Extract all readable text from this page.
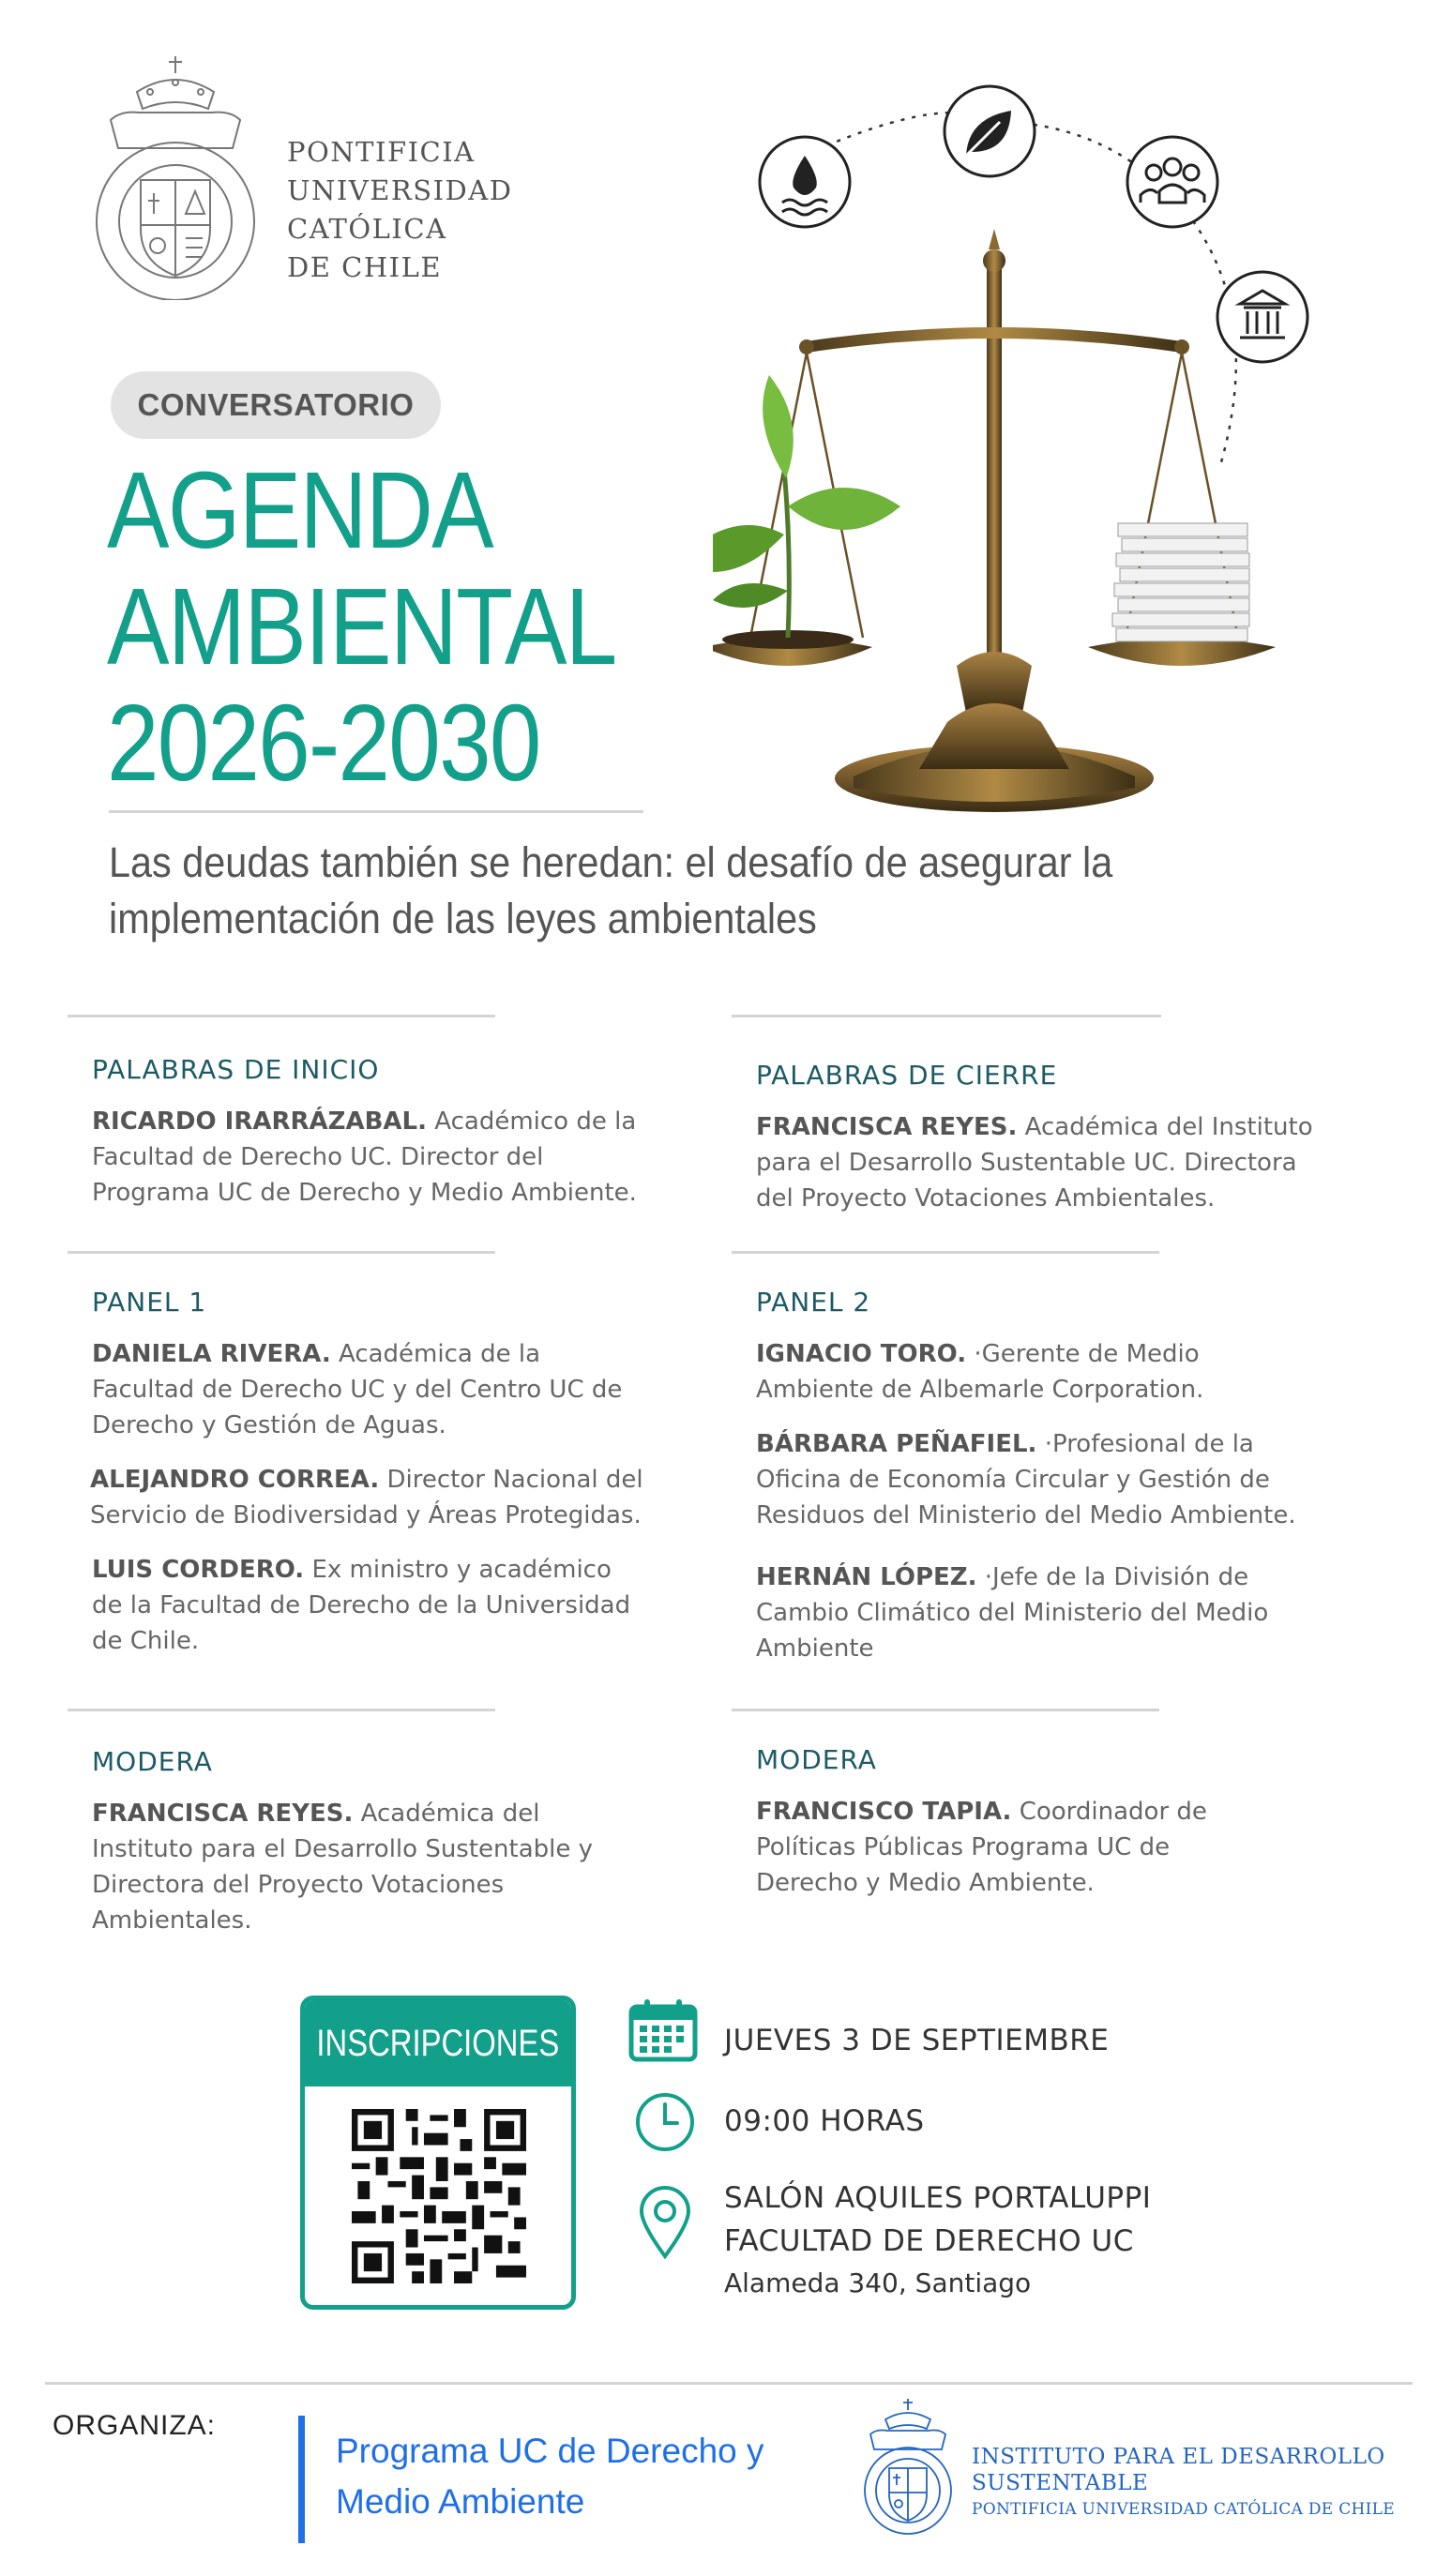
PONTIFICIA
UNIVERSIDAD
CATÓLICA
DE CHILE
CONVERSATORIO
AGENDA
AMBIENTAL
2026-2030
Las deudas también se heredan: el desafío de asegurar la
implementación de las leyes ambientales
PALABRAS DE INICIO
RICARDO IRARRÁZABAL. Académico de la
Facultad de Derecho UC. Director del
Programa UC de Derecho y Medio Ambiente.
PANEL 1
DANIELA RIVERA. Académica de la
Facultad de Derecho UC y del Centro UC de
Derecho y Gestión de Aguas.
ALEJANDRO CORREA. Director Nacional del
Servicio de Biodiversidad y Áreas Protegidas.
LUIS CORDERO. Ex ministro y académico
de la Facultad de Derecho de la Universidad
de Chile.
MODERA
FRANCISCA REYES. Académica del
Instituto para el Desarrollo Sustentable y
Directora del Proyecto Votaciones
Ambientales.
PALABRAS DE CIERRE
FRANCISCA REYES. Académica del Instituto
para el Desarrollo Sustentable UC. Directora
del Proyecto Votaciones Ambientales.
PANEL 2
IGNACIO TORO. ·Gerente de Medio
Ambiente de Albemarle Corporation.
BÁRBARA PEÑAFIEL. ·Profesional de la
Oficina de Economía Circular y Gestión de
Residuos del Ministerio del Medio Ambiente.
HERNÁN LÓPEZ. ·Jefe de la División de
Cambio Climático del Ministerio del Medio
Ambiente
MODERA
FRANCISCO TAPIA. Coordinador de
Políticas Públicas Programa UC de
Derecho y Medio Ambiente.
INSCRIPCIONES	JUEVES 3 DE SEPTIEMBRE
09:00 HORAS
SALÓN AQUILES PORTALUPPI
FACULTAD DE DERECHO UC
Alameda 340, Santiago
ORGANIZA:
Programa UC de Derecho y Medio Ambiente
INSTITUTO PARA EL DESARROLLO
SUSTENTABLE
PONTIFICIA UNIVERSIDAD CATÓLICA DE CHILE
